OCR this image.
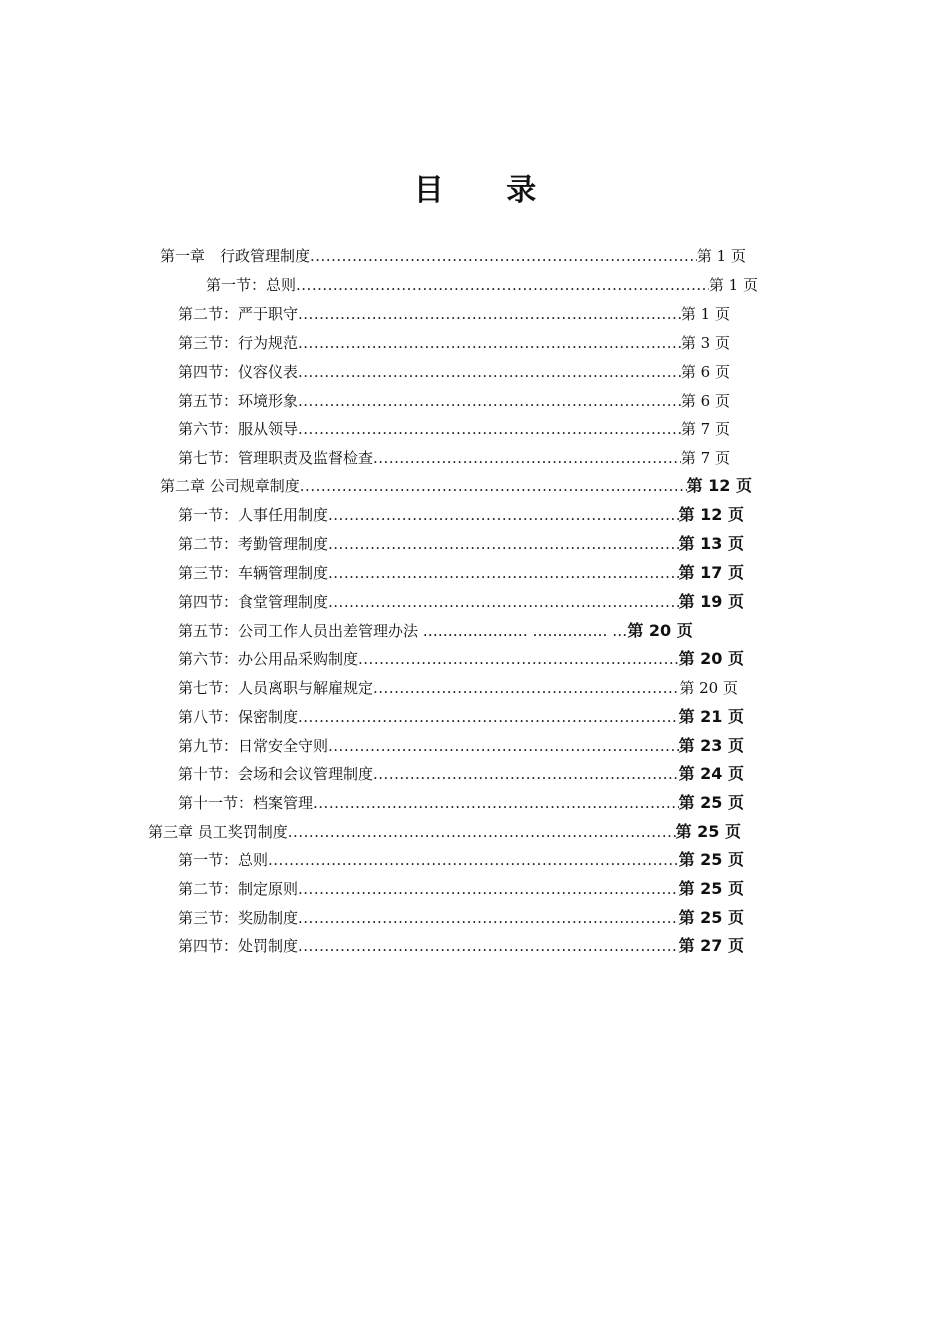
目 录
第一章　行政管理制度 .....	第 1 页
第一节：总则 .....	第 1 页
第二节：严于职守 .....	第 1 页
第三节：行为规范 .....	第 3 页
第四节：仪容仪表 .....	第 6 页
第五节：环境形象 .....	第 6 页
第六节：服从领导 .....	第 7 页
第七节：管理职责及监督检查 .....	第 7 页
第二章 公司规章制度 .....	第 12 页
第一节：人事任用制度 .....	第 12 页
第二节：考勤管理制度 .....	第 13 页
第三节：车辆管理制度 .....	第 17 页
第四节：食堂管理制度 .....	第 19 页
第五节：公司工作人员出差管理办法 ………………… …………… … 第 20 页
第六节：办公用品采购制度 .....	第 20 页
第七节：人员离职与解雇规定 .....	第 20 页
第八节：保密制度 .....	第 21 页
第九节：日常安全守则 .....	第 23 页
第十节：会场和会议管理制度 .....	第 24 页
第十一节：档案管理 .....	第 25 页
第三章 员工奖罚制度 .....	第 25 页
第一节：总则 .....	第 25 页
第二节：制定原则 .....	第 25 页
第三节：奖励制度 .....	第 25 页
第四节：处罚制度 .....	第 27 页
